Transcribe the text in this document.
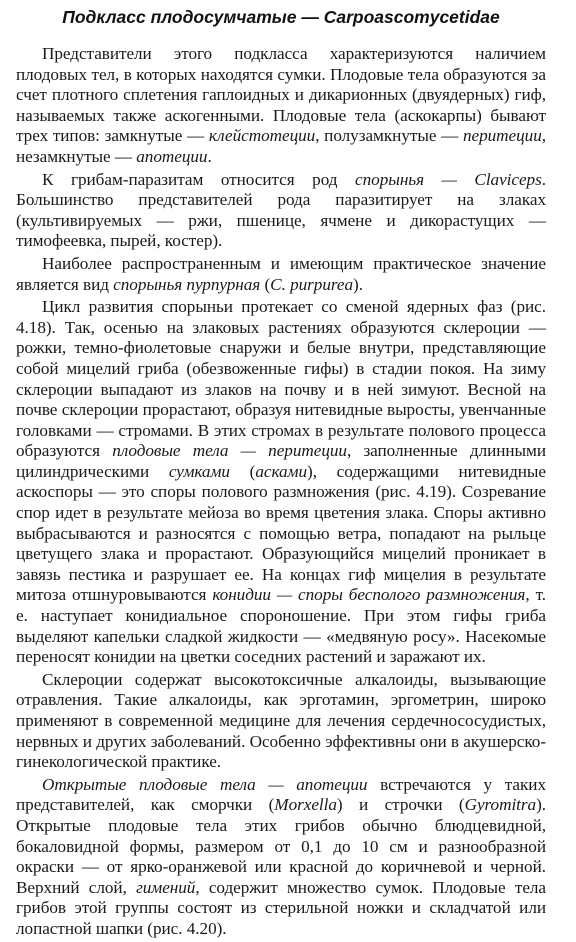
Подкласс плодосумчатые — Carpoascomycetidae

Представители этого подкласса характеризуются наличием плодовых тел, в которых находятся сумки. Плодовые тела образуются за счет плотного сплетения гаплоидных и дикарионных (двуядерных) гиф, называемых также аскогенными. Плодовые тела (аскокарпы) бывают трех типов: замкнутые — клейстотеции, полузамкнутые — перитеции, незамкнутые — апотеции.

К грибам-паразитам относится род спорынья — Claviceps. Большинство представителей рода паразитирует на злаках (культивируемых — ржи, пшенице, ячмене и дикорастущих — тимофеевка, пырей, костер).

Наиболее распространенным и имеющим практическое значение является вид спорынья пурпурная (C. purpurea).

Цикл развития спорыньи протекает со сменой ядерных фаз (рис. 4.18). Так, осенью на злаковых растениях образуются склероции — рожки, темно-фиолетовые снаружи и белые внутри, представляющие собой мицелий гриба (обезвоженные гифы) в стадии покоя. На зиму склероции выпадают из злаков на почву и в ней зимуют. Весной на почве склероции прорастают, образуя нитевидные выросты, увенчанные головками — стромами. В этих стромах в результате полового процесса образуются плодовые тела — перитеции, заполненные длинными цилиндрическими сумками (асками), содержащими нитевидные аскоспоры — это споры полового размножения (рис. 4.19). Созревание спор идет в результате мейоза во время цветения злака. Споры активно выбрасываются и разносятся с помощью ветра, попадают на рыльце цветущего злака и прорастают. Образующийся мицелий проникает в завязь пестика и разрушает ее. На концах гиф мицелия в результате митоза отшнуровываются конидии — споры бесполого размножения, т. е. наступает конидиальное спороношение. При этом гифы гриба выделяют капельки сладкой жидкости — «медвяную росу». Насекомые переносят конидии на цветки соседних растений и заражают их.

Склероции содержат высокотоксичные алкалоиды, вызывающие отравления. Такие алкалоиды, как эрготамин, эргометрин, широко применяют в современной медицине для лечения сердечнососудистых, нервных и других заболеваний. Особенно эффективны они в акушерско-гинекологической практике.

Открытые плодовые тела — апотеции встречаются у таких представителей, как сморчки (Morxella) и строчки (Gyromitra). Открытые плодовые тела этих грибов обычно блюдцевидной, бокаловидной формы, размером от 0,1 до 10 см и разнообразной окраски — от ярко-оранжевой или красной до коричневой и черной. Верхний слой, гимений, содержит множество сумок. Плодовые тела грибов этой группы состоят из стерильной ножки и складчатой или лопастной шапки (рис. 4.20).
